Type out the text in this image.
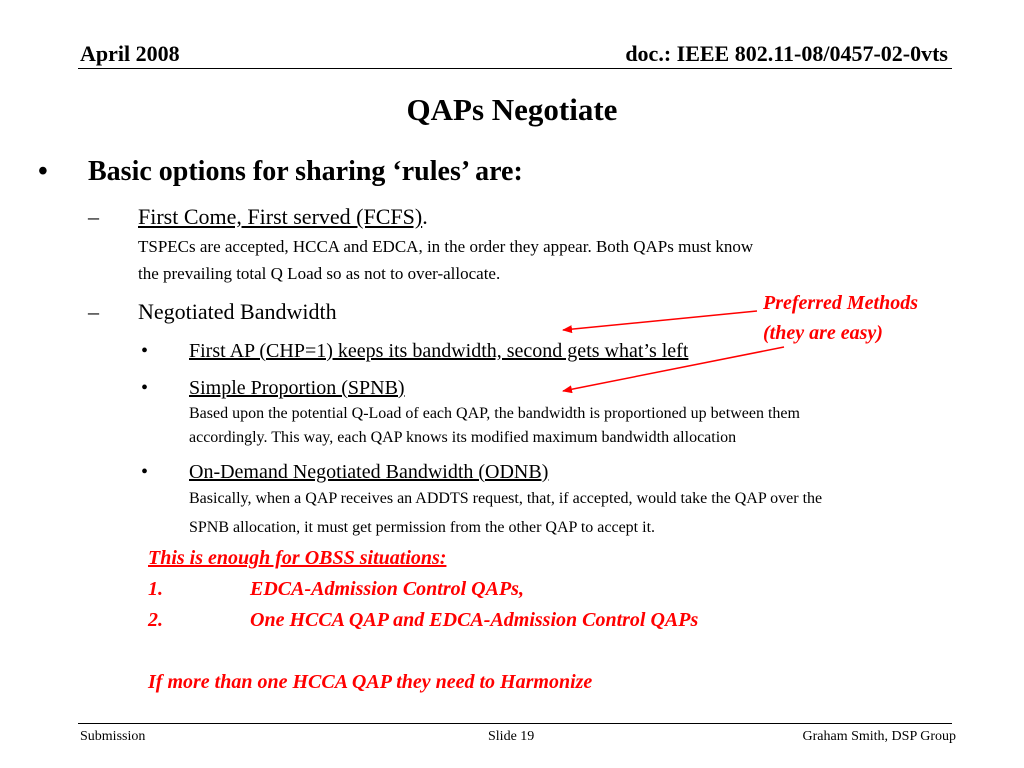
April 2008	doc.: IEEE 802.11-08/0457-02-0vts
QAPs Negotiate
• Basic options for sharing ‘rules’ are:
– First Come, First served (FCFS).
TSPECs are accepted, HCCA and EDCA, in the order they appear. Both QAPs must know
the prevailing total Q Load so as not to over-allocate.
– Negotiated Bandwidth
• First AP (CHP=1) keeps its bandwidth, second gets what’s left
• Simple Proportion (SPNB)
Based upon the potential Q-Load of each QAP, the bandwidth is proportioned up between them
accordingly. This way, each QAP knows its modified maximum bandwidth allocation
• On-Demand Negotiated Bandwidth (ODNB)
Basically, when a QAP receives an ADDTS request, that, if accepted, would take the QAP over the
SPNB allocation, it must get permission from the other QAP to accept it.
Preferred Methods
(they are easy)
This is enough for OBSS situations:
1.	EDCA-Admission Control QAPs,
2.	One HCCA QAP and EDCA-Admission Control QAPs
If more than one HCCA QAP they need to Harmonize
Submission	Slide 19	Graham Smith, DSP Group
